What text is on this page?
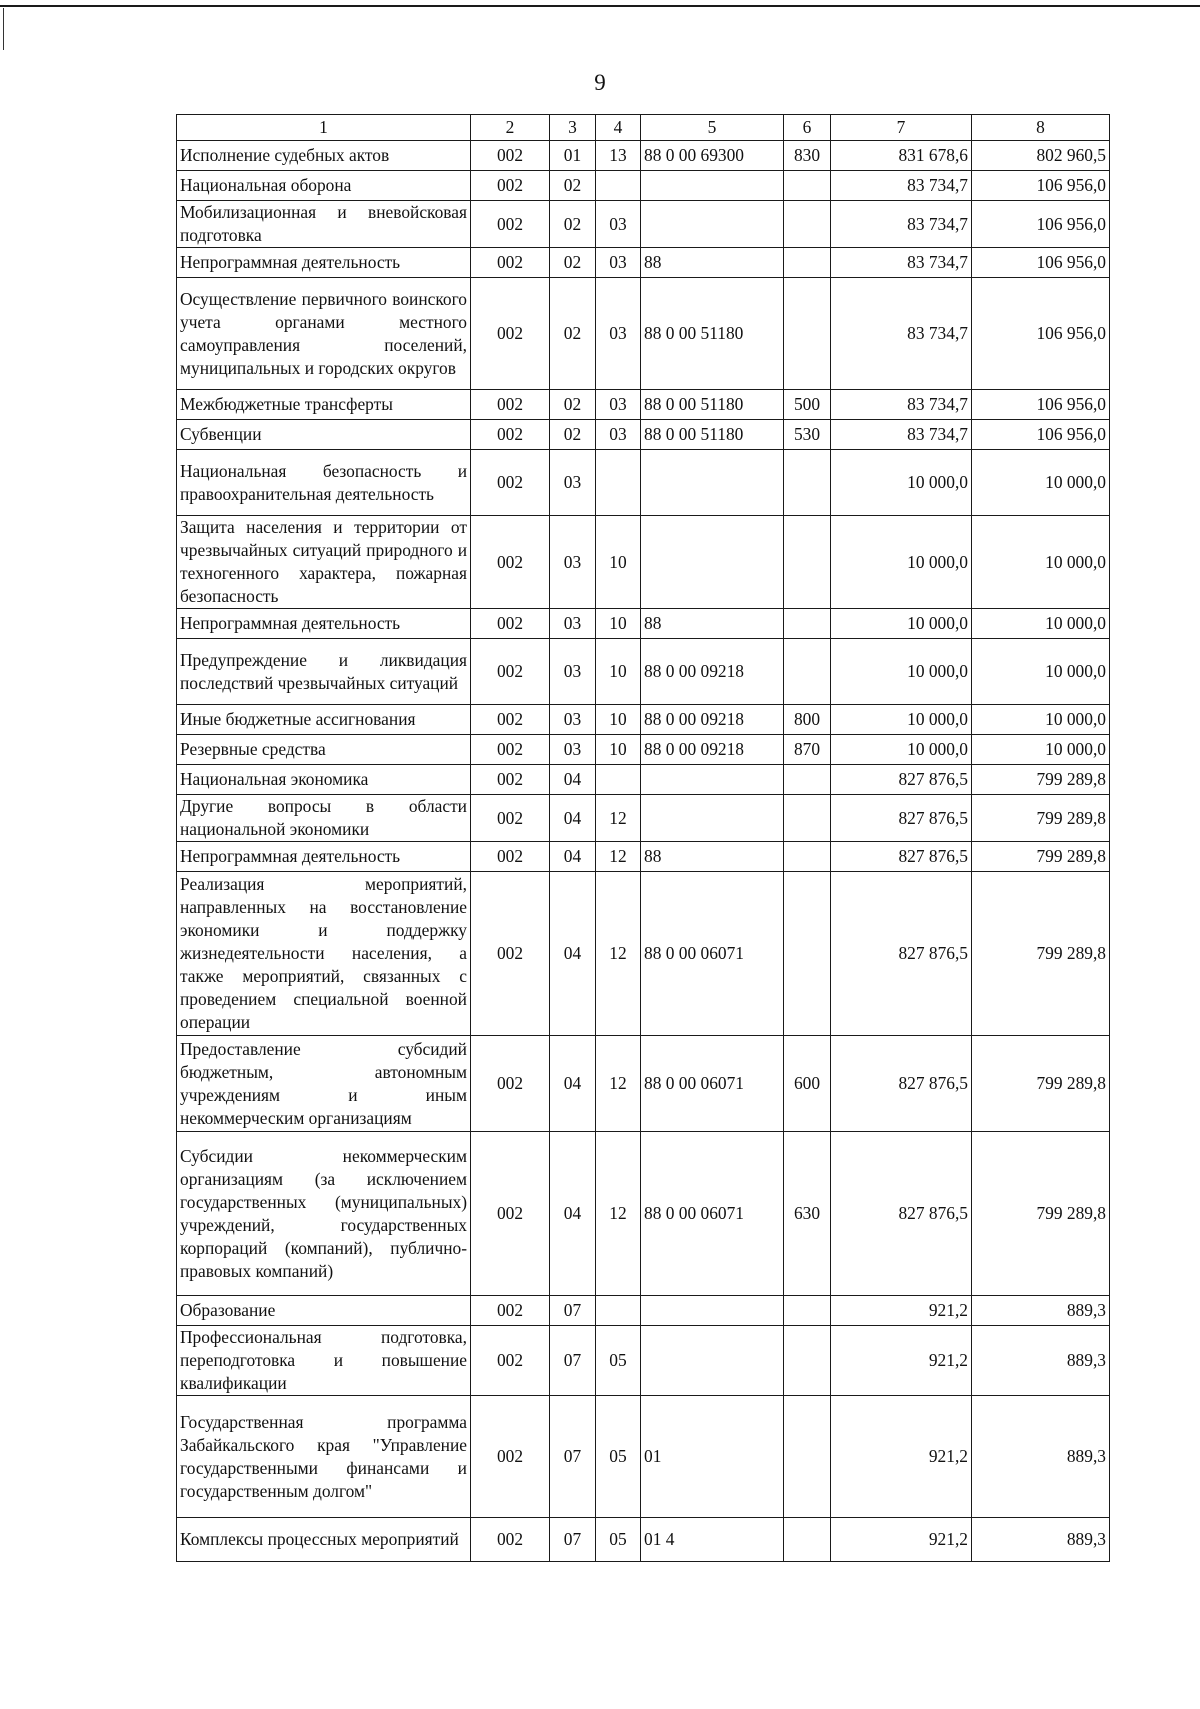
9
1	2	3	4	5	6	7	8
Исполнение судебных актов	002	01	13	88 0 00 69300	830	831 678,6	802 960,5
Национальная оборона	002	02				83 734,7	106 956,0
Мобилизационная и вневойсковая подготовка	002	02	03			83 734,7	106 956,0
Непрограммная деятельность	002	02	03	88		83 734,7	106 956,0
Осуществление первичного воинского учета органами местного самоуправления поселений, муниципальных и городских округов	002	02	03	88 0 00 51180		83 734,7	106 956,0
Межбюджетные трансферты	002	02	03	88 0 00 51180	500	83 734,7	106 956,0
Субвенции	002	02	03	88 0 00 51180	530	83 734,7	106 956,0
Национальная безопасность и правоохранительная деятельность	002	03				10 000,0	10 000,0
Защита населения и территории от чрезвычайных ситуаций природного и техногенного характера, пожарная безопасность	002	03	10			10 000,0	10 000,0
Непрограммная деятельность	002	03	10	88		10 000,0	10 000,0
Предупреждение и ликвидация последствий чрезвычайных ситуаций	002	03	10	88 0 00 09218		10 000,0	10 000,0
Иные бюджетные ассигнования	002	03	10	88 0 00 09218	800	10 000,0	10 000,0
Резервные средства	002	03	10	88 0 00 09218	870	10 000,0	10 000,0
Национальная экономика	002	04				827 876,5	799 289,8
Другие вопросы в области национальной экономики	002	04	12			827 876,5	799 289,8
Непрограммная деятельность	002	04	12	88		827 876,5	799 289,8
Реализация мероприятий, направленных на восстановление экономики и поддержку жизнедеятельности населения, а также мероприятий, связанных с проведением специальной военной операции	002	04	12	88 0 00 06071		827 876,5	799 289,8
Предоставление субсидий бюджетным, автономным учреждениям и иным некоммерческим организациям	002	04	12	88 0 00 06071	600	827 876,5	799 289,8
Субсидии некоммерческим организациям (за исключением государственных (муниципальных) учреждений, государственных корпораций (компаний), публично-правовых компаний)	002	04	12	88 0 00 06071	630	827 876,5	799 289,8
Образование	002	07				921,2	889,3
Профессиональная подготовка, переподготовка и повышение квалификации	002	07	05			921,2	889,3
Государственная программа Забайкальского края "Управление государственными финансами и государственным долгом"	002	07	05	01		921,2	889,3
Комплексы процессных мероприятий	002	07	05	01 4		921,2	889,3
